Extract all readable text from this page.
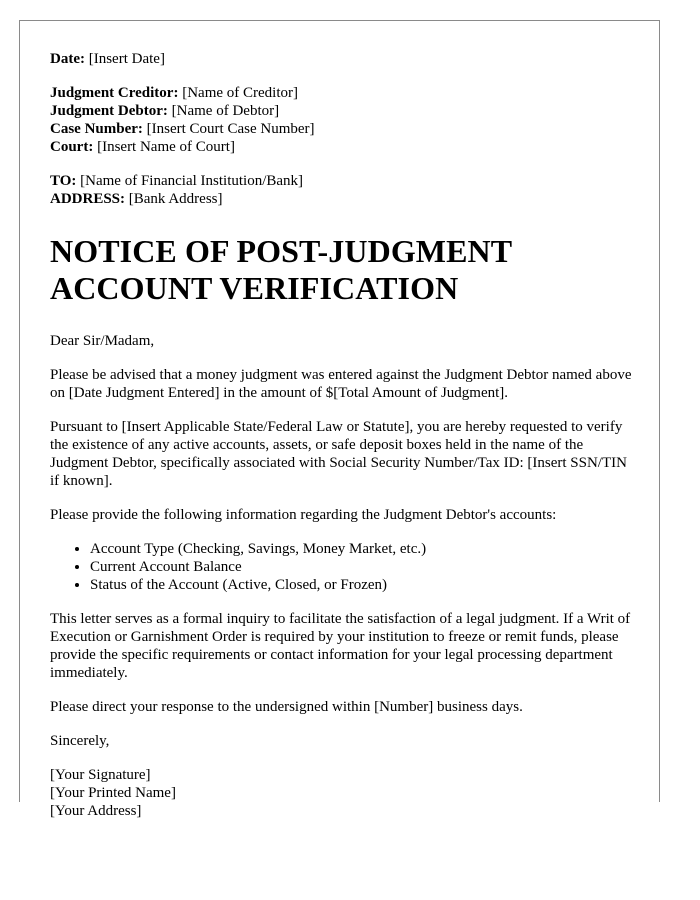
Date: [Insert Date]
Judgment Creditor: [Name of Creditor]
Judgment Debtor: [Name of Debtor]
Case Number: [Insert Court Case Number]
Court: [Insert Name of Court]
TO: [Name of Financial Institution/Bank]
ADDRESS: [Bank Address]
NOTICE OF POST-JUDGMENT ACCOUNT VERIFICATION

Dear Sir/Madam,

Please be advised that a money judgment was entered against the Judgment Debtor named above on [Date Judgment Entered] in the amount of $[Total Amount of Judgment].

Pursuant to [Insert Applicable State/Federal Law or Statute], you are hereby requested to verify the existence of any active accounts, assets, or safe deposit boxes held in the name of the Judgment Debtor, specifically associated with Social Security Number/Tax ID: [Insert SSN/TIN if known].

Please provide the following information regarding the Judgment Debtor's accounts:

• Account Type (Checking, Savings, Money Market, etc.)
• Current Account Balance
• Status of the Account (Active, Closed, or Frozen)

This letter serves as a formal inquiry to facilitate the satisfaction of a legal judgment. If a Writ of Execution or Garnishment Order is required by your institution to freeze or remit funds, please provide the specific requirements or contact information for your legal processing department immediately.

Please direct your response to the undersigned within [Number] business days.

Sincerely,

[Your Signature]
[Your Printed Name]
[Your Address]
